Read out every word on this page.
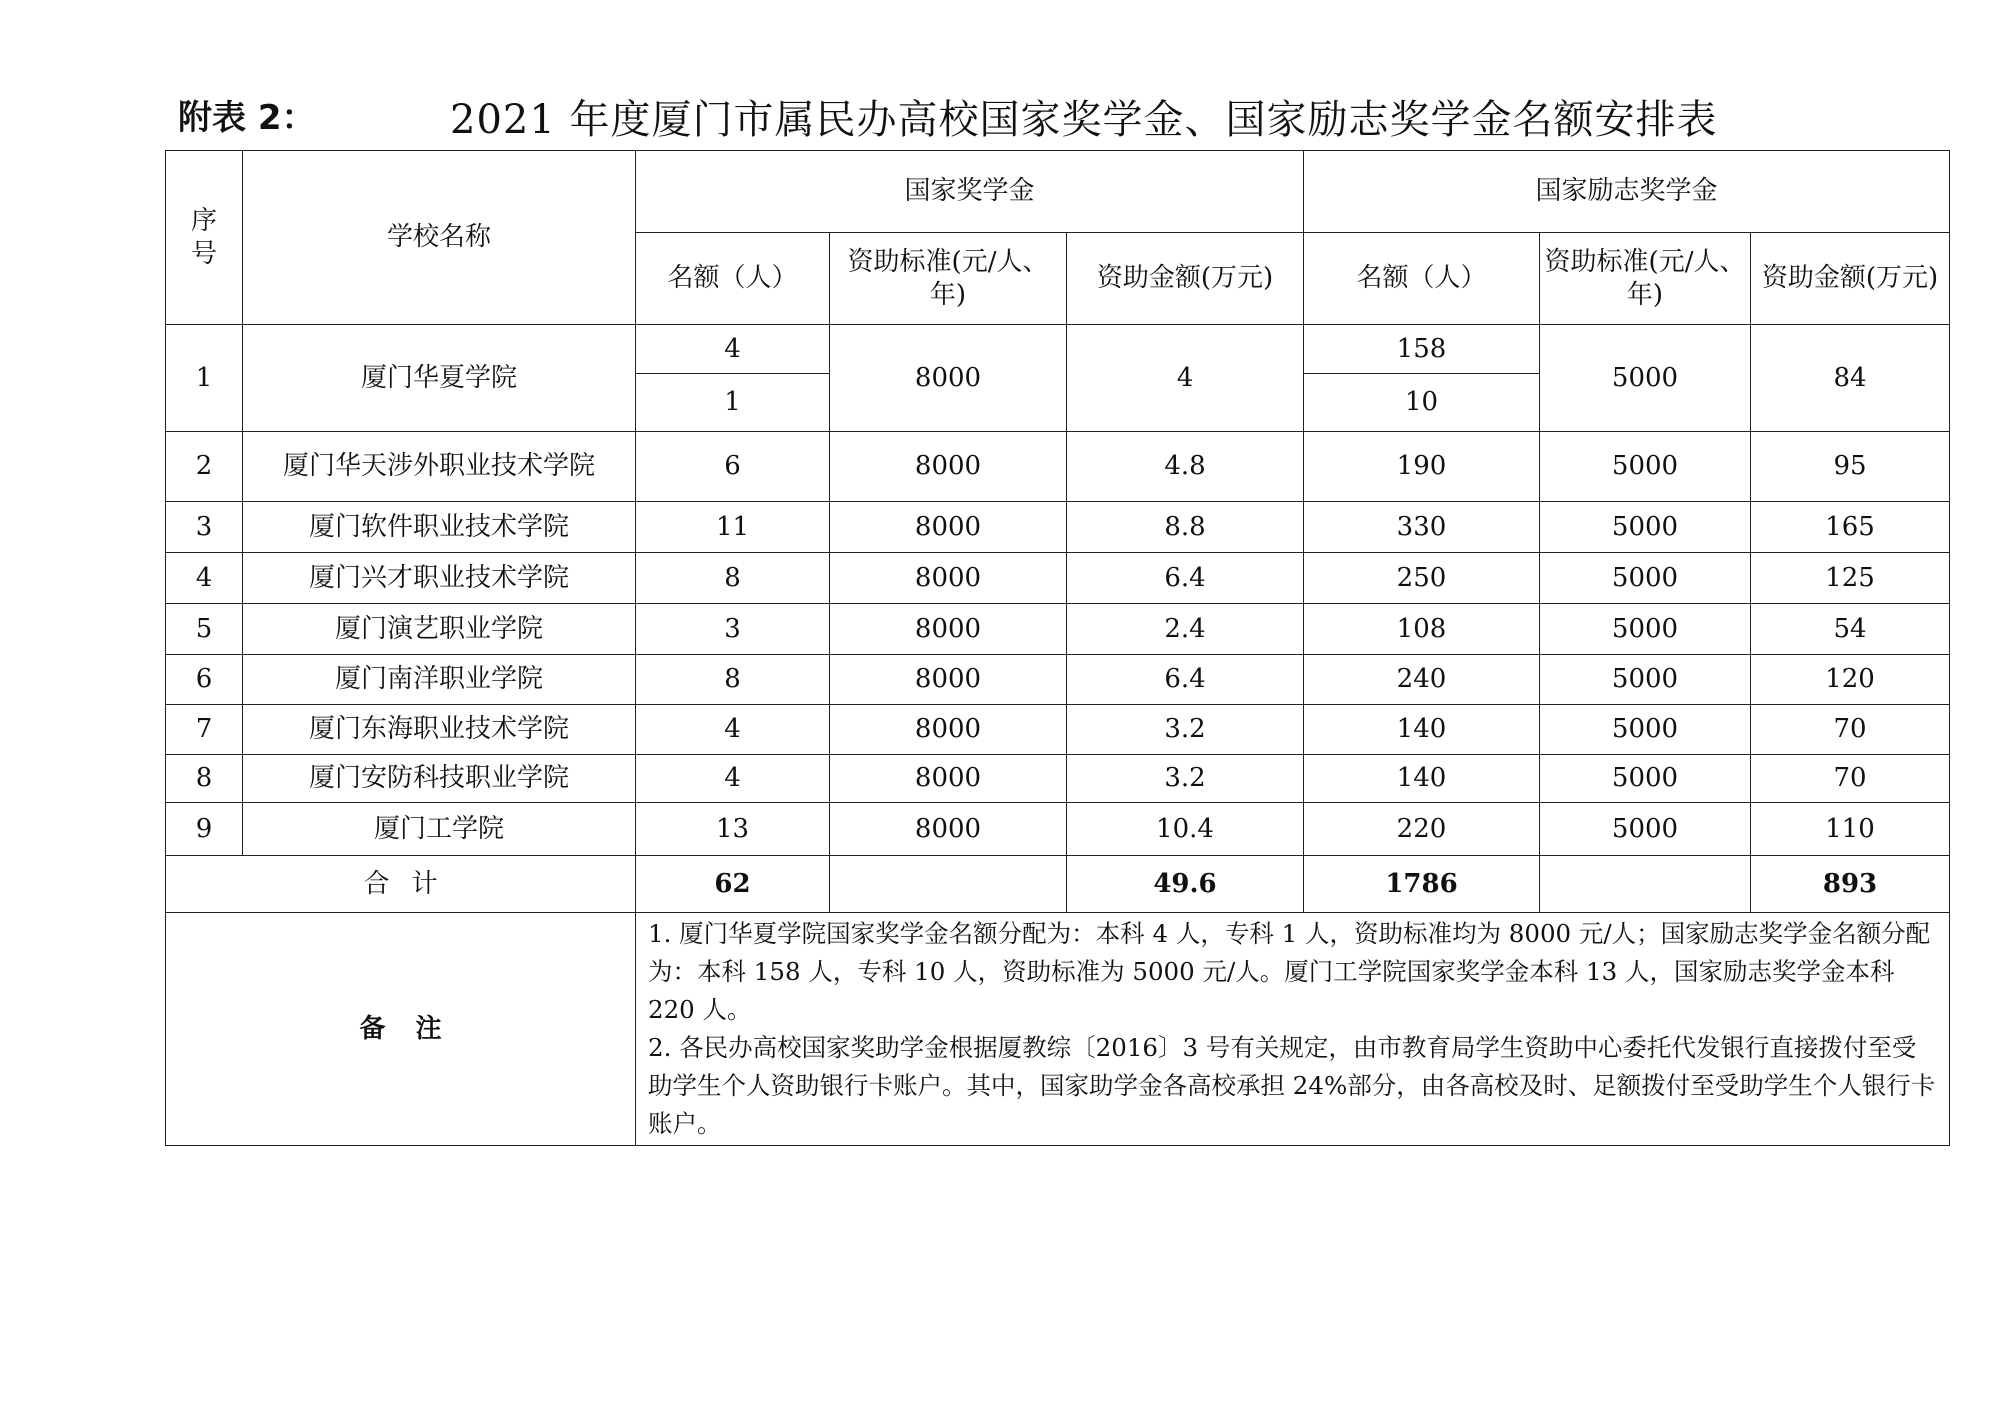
附表 2：	2021 年度厦门市属民办高校国家奖学金、国家励志奖学金名额安排表
序号	学校名称	国家奖学金			国家励志奖学金		
		名额（人）	资助标准(元/人、年)	资助金额(万元)	名额（人）	资助标准(元/人、年)	资助金额(万元)
1	厦门华夏学院	4	8000	4	158	5000	84
		1			10		
2	厦门华天涉外职业技术学院	6	8000	4.8	190	5000	95
3	厦门软件职业技术学院	11	8000	8.8	330	5000	165
4	厦门兴才职业技术学院	8	8000	6.4	250	5000	125
5	厦门演艺职业学院	3	8000	2.4	108	5000	54
6	厦门南洋职业学院	8	8000	6.4	240	5000	120
7	厦门东海职业技术学院	4	8000	3.2	140	5000	70
8	厦门安防科技职业学院	4	8000	3.2	140	5000	70
9	厦门工学院	13	8000	10.4	220	5000	110
合计		62		49.6	1786		893
备注		1. 厦门华夏学院国家奖学金名额分配为：本科 4 人，专科 1 人，资助标准均为 8000 元/人；国家励志奖学金名额分配为：本科 158 人，专科 10 人，资助标准为 5000 元/人。厦门工学院国家奖学金本科 13 人，国家励志奖学金本科 220 人。

2. 各民办高校国家奖助学金根据厦教综〔2016〕3 号有关规定，由市教育局学生资助中心委托代发银行直接拨付至受助学生个人资助银行卡账户。其中，国家助学金各高校承担 24%部分，由各高校及时、足额拨付至受助学生个人银行卡账户。					
